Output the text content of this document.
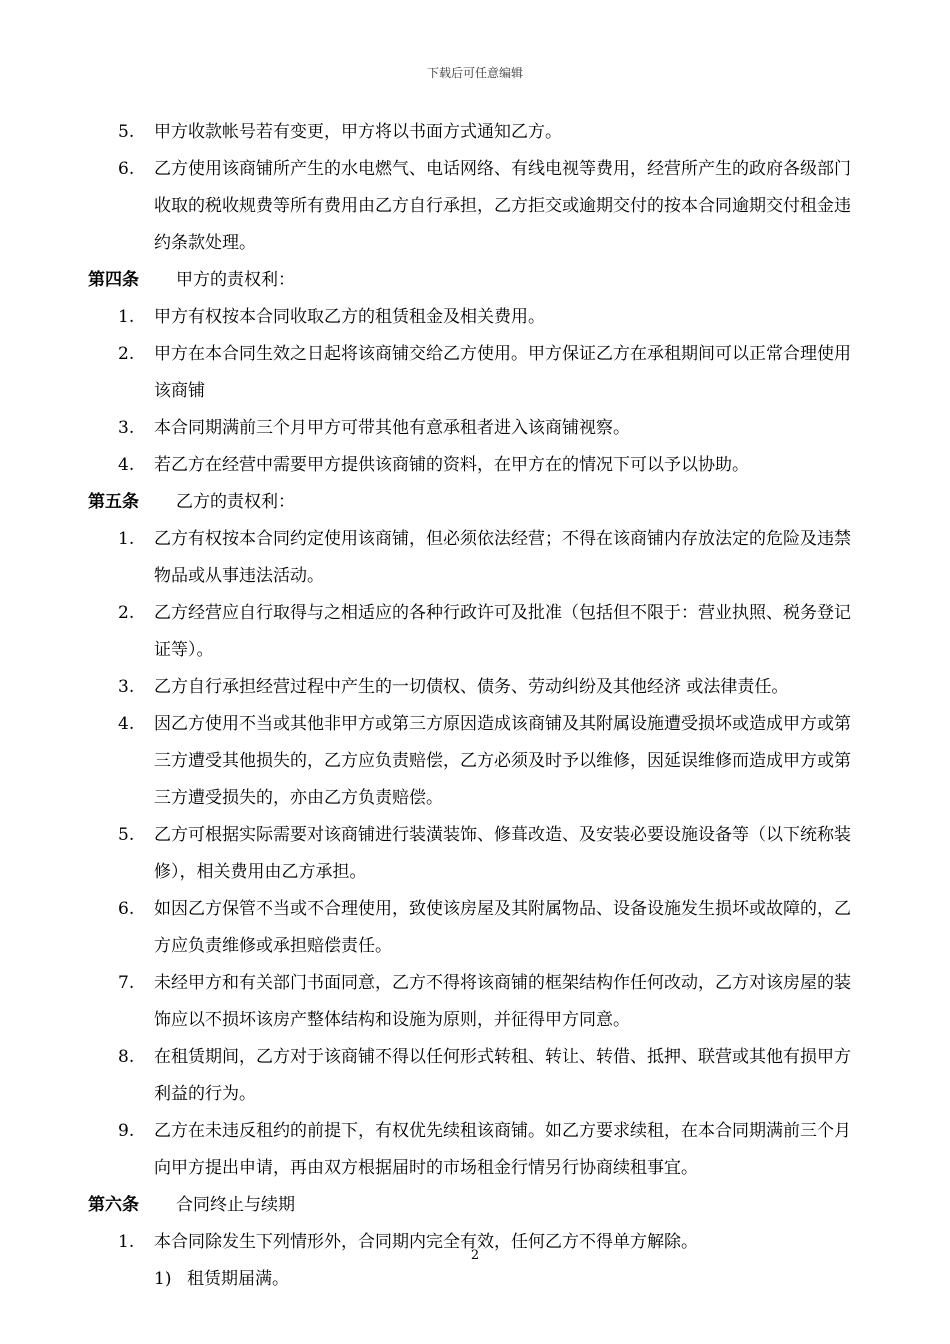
下载后可任意编辑
5. 甲方收款帐号若有变更，甲方将以书面方式通知乙方。
6. 乙方使用该商铺所产生的水电燃气、电话网络、有线电视等费用，经营所产生的政府各级部门收取的税收规费等所有费用由乙方自行承担，乙方拒交或逾期交付的按本合同逾期交付租金违约条款处理。
第四条 甲方的责权利：
1. 甲方有权按本合同收取乙方的租赁租金及相关费用。
2. 甲方在本合同生效之日起将该商铺交给乙方使用。甲方保证乙方在承租期间可以正常合理使用该商铺
3. 本合同期满前三个月甲方可带其他有意承租者进入该商铺视察。
4. 若乙方在经营中需要甲方提供该商铺的资料，在甲方在的情况下可以予以协助。
第五条 乙方的责权利：
1. 乙方有权按本合同约定使用该商铺，但必须依法经营；不得在该商铺内存放法定的危险及违禁物品或从事违法活动。
2. 乙方经营应自行取得与之相适应的各种行政许可及批准（包括但不限于：营业执照、税务登记证等）。
3. 乙方自行承担经营过程中产生的一切债权、债务、劳动纠纷及其他经济 或法律责任。
4. 因乙方使用不当或其他非甲方或第三方原因造成该商铺及其附属设施遭受损坏或造成甲方或第三方遭受其他损失的，乙方应负责赔偿，乙方必须及时予以维修，因延误维修而造成甲方或第三方遭受损失的，亦由乙方负责赔偿。
5. 乙方可根据实际需要对该商铺进行装潢装饰、修葺改造、及安装必要设施设备等（以下统称装修），相关费用由乙方承担。
6. 如因乙方保管不当或不合理使用，致使该房屋及其附属物品、设备设施发生损坏或故障的，乙方应负责维修或承担赔偿责任。
7. 未经甲方和有关部门书面同意，乙方不得将该商铺的框架结构作任何改动，乙方对该房屋的装饰应以不损坏该房产整体结构和设施为原则，并征得甲方同意。
8. 在租赁期间，乙方对于该商铺不得以任何形式转租、转让、转借、抵押、联营或其他有损甲方利益的行为。
9. 乙方在未违反租约的前提下，有权优先续租该商铺。如乙方要求续租，在本合同期满前三个月向甲方提出申请，再由双方根据届时的市场租金行情另行协商续租事宜。
第六条 合同终止与续期
1. 本合同除发生下列情形外，合同期内完全有效，任何乙方不得单方解除。
1) 租赁期届满。
2
